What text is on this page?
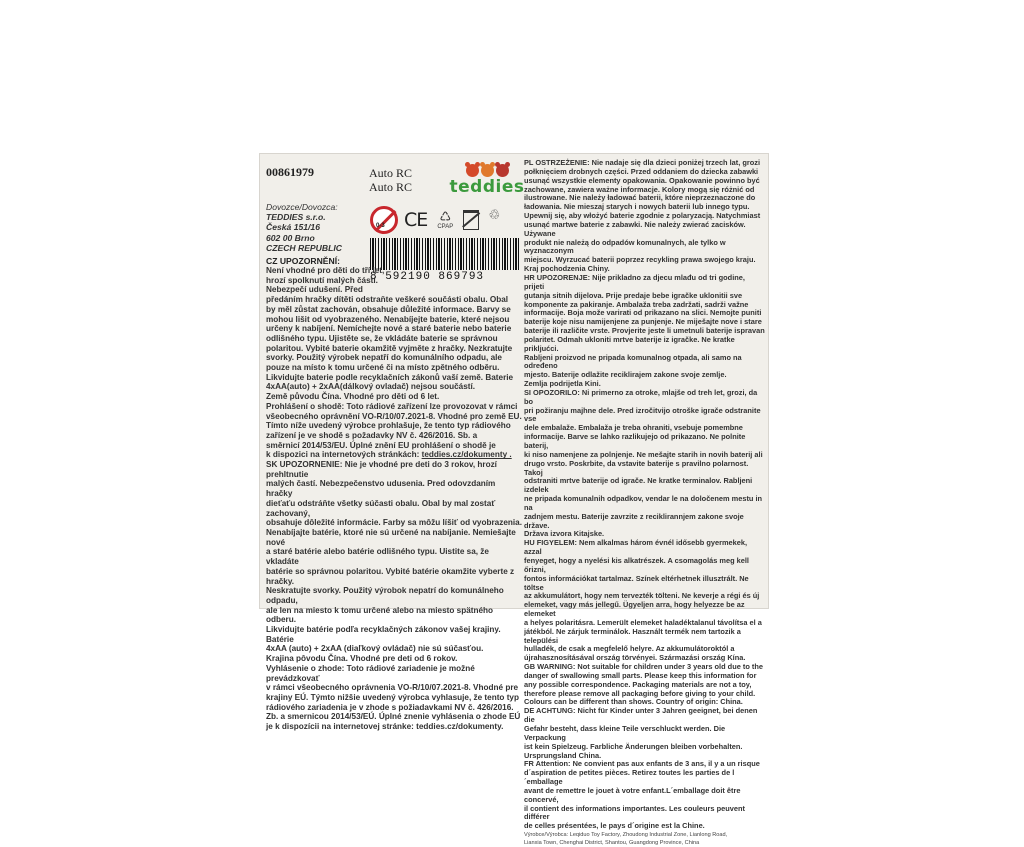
00861979	Auto RC
Auto RC teddies
Dovozce/Dovozca:
TEDDIES s.r.o.
Česká 151/16
602 00 Brno
CZECH REPUBLIC
0-3 CE ♺
CPAP
♲
8 592190 869793
CZ UPOZORNĚNÍ:
Není vhodné pro děti do tří let,
hrozí spolknutí malých částí.
Nebezpečí udušení. Před
předáním hračky dítěti odstraňte veškeré součásti obalu. Obal
by měl zůstat zachován, obsahuje důležité informace. Barvy se
mohou lišit od vyobrazeného. Nenabíjejte baterie, které nejsou
určeny k nabíjení. Nemíchejte nové a staré baterie nebo baterie
odlišného typu. Ujistěte se, že vkládáte baterie se správnou
polaritou. Vybité baterie okamžitě vyjměte z hračky. Nezkratujte
svorky. Použitý výrobek nepatří do komunálního odpadu, ale
pouze na místo k tomu určené či na místo zpětného odběru.
Likvidujte baterie podle recyklačních zákonů vaší země. Baterie
4xAA(auto) + 2xAA(dálkový ovladač) nejsou součástí.
Země původu Čína. Vhodné pro děti od 6 let.
Prohlášení o shodě: Toto rádiové zařízení lze provozovat v rámci
všeobecného oprávnění VO-R/10/07.2021-8. Vhodné pro země EU.
Tímto níže uvedený výrobce prohlašuje, že tento typ rádiového
zařízení je ve shodě s požadavky NV č. 426/2016. Sb. a
směrnicí 2014/53/EU. Úplné znění EU prohlášení o shodě je
k dispozici na internetových stránkách: teddies.cz/dokumenty .
SK UPOZORNENIE: Nie je vhodné pre deti do 3 rokov, hrozí prehltnutie
malých častí. Nebezpečenstvo udusenia. Pred odovzdaním hračky
dieťaťu odstráňte všetky súčasti obalu. Obal by mal zostať zachovaný,
obsahuje dôležité informácie. Farby sa môžu líšiť od vyobrazenia.
Nenabíjajte batérie, ktoré nie sú určené na nabíjanie. Nemiešajte nové
a staré batérie alebo batérie odlišného typu. Uistite sa, že vkladáte
batérie so správnou polaritou. Vybité batérie okamžite vyberte z hračky.
Neskratujte svorky. Použitý výrobok nepatrí do komunálneho odpadu,
ale len na miesto k tomu určené alebo na miesto spätného odberu.
Likvidujte batérie podľa recyklačných zákonov vašej krajiny. Batérie
4xAA (auto) + 2xAA (diaľkový ovládač) nie sú súčasťou.
Krajina pôvodu Čína. Vhodné pre deti od 6 rokov.
Vyhlásenie o zhode: Toto rádiové zariadenie je možné prevádzkovať
v rámci všeobecného oprávnenia VO-R/10/07.2021-8. Vhodné pre
krajiny EÚ. Týmto nižšie uvedený výrobca vyhlasuje, že tento typ
rádiového zariadenia je v zhode s požiadavkami NV č. 426/2016.
Zb. a smernicou 2014/53/EÚ. Úplné znenie vyhlásenia o zhode EÚ
je k dispozícii na internetovej stránke: teddies.cz/dokumenty.
PL OSTRZEŻENIE: Nie nadaje się dla dzieci poniżej trzech lat, grozi
połknięciem drobnych części. Przed oddaniem do dziecka zabawki
usunąć wszystkie elementy opakowania. Opakowanie powinno być
zachowane, zawiera ważne informacje. Kolory mogą się różnić od
ilustrowane. Nie należy ładować baterii, które nieprzeznaczone do
ładowania. Nie mieszaj starych i nowych baterii lub innego typu.
Upewnij się, aby włożyć baterie zgodnie z polaryzacją. Natychmiast
usunąć martwe baterie z zabawki. Nie należy zwierać zacisków. Używane
produkt nie należą do odpadów komunalnych, ale tylko w wyznaczonym
miejscu. Wyrzucać baterii poprzez recykling prawa swojego kraju.
Kraj pochodzenia Chiny.
HR UPOZORENJE: Nije prikladno za djecu mlađu od tri godine, prijeti
gutanja sitnih dijelova. Prije predaje bebe igračke uklonitii sve
komponente za pakiranje. Ambalaža treba zadržati, sadrži važne
informacije. Boja može varirati od prikazano na slici. Nemojte puniti
baterije koje nisu namijenjene za punjenje. Ne miješajte nove i stare
baterije ili različite vrste. Provjerite jeste li umetnuli baterije ispravan
polaritet. Odmah ukloniti mrtve baterije iz igračke. Ne kratke prikljućci.
Rabljeni proizvod ne pripada komunalnog otpada, ali samo na određeno
mjesto. Baterije odlažite reciklirajem zakone svoje zemlje.
Zemlja podrijetla Kini.
SI OPOZORILO: Ni primerno za otroke, mlajše od treh let, grozi, da bo
pri požiranju majhne dele. Pred izročitvijo otroške igrače odstranite vse
dele embalaže. Embalaža je treba ohraniti, vsebuje pomembne
informacije. Barve se lahko razlikujejo od prikazano. Ne polnite baterij,
ki niso namenjene za polnjenje. Ne mešajte starih in novih baterij ali
drugo vrsto. Poskrbite, da vstavite baterije s pravilno polarnost. Takoj
odstraniti mrtve baterije od igrače. Ne kratke terminalov. Rabljeni izdelek
ne pripada komunalnih odpadkov, vendar le na določenem mestu in na
zadnjem mestu. Baterije zavrzite z reciklirannjem zakone svoje države.
Država izvora Kitajske.
HU FIGYELEM: Nem alkalmas három évnél idősebb gyermekek, azzal
fenyeget, hogy a nyelési kis alkatrészek. A csomagolás meg kell őrizni,
fontos információkat tartalmaz. Színek eltérhetnek illusztrált. Ne töltse
az akkumulátort, hogy nem tervezték tölteni. Ne keverje a régi és új
elemeket, vagy más jellegű. Ügyeljen arra, hogy helyezze be az elemeket
a helyes polaritásra. Lemerült elemeket haladéktalanul távolítsa el a
játékból. Ne zárjuk terminálok. Használt termék nem tartozik a települési
hulladék, de csak a megfelelő helyre. Az akkumulátoroktól a
újrahasznosításával ország törvényei. Származási ország Kína.
GB WARNING: Not suitable for children under 3 years old due to the
danger of swallowing small parts. Please keep this information for
any possible correspondence. Packaging materials are not a toy,
therefore please remove all packaging before giving to your child.
Colours can be different than shows. Country of origin: China.
DE ACHTUNG: Nicht für Kinder unter 3 Jahren geeignet, bei denen die
Gefahr besteht, dass kleine Teile verschluckt werden. Die Verpackung
ist kein Spielzeug. Farbliche Änderungen bleiben vorbehalten.
Ursprungsland China.
FR Attention: Ne convient pas aux enfants de 3 ans, il y a un risque
d´aspiration de petites pièces. Retirez toutes les parties de l´emballage
avant de remettre le jouet à votre enfant.L´emballage doit être concervé,
il contient des informations importantes. Les couleurs peuvent différer
de celles présentées, le pays d´origine est la Chine.
Výrobce/Výrobca: Leqiduo Toy Factory, Zhoudong Industrial Zone, Lianlong Road,
Lianxia Town, Chenghai District, Shantou, Guangdong Province, China
